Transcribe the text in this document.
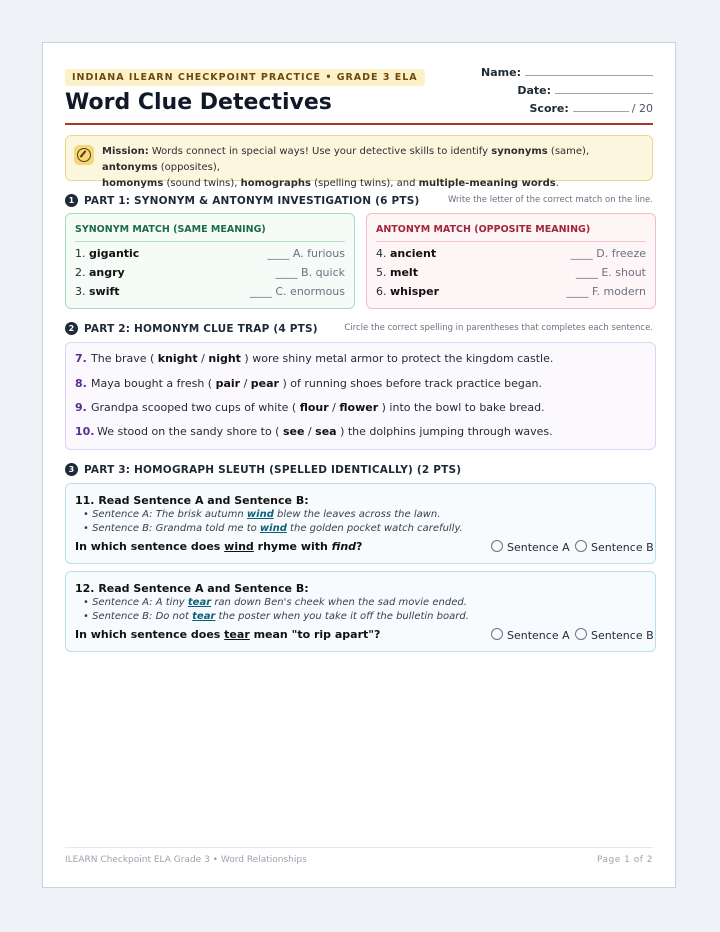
INDIANA ILEARN CHECKPOINT PRACTICE • GRADE 3 ELA
Word Clue Detectives
Name:
Date:
Score:	/ 20
Mission: Words connect in special ways! Use your detective skills to identify synonyms (same), antonyms (opposites),
homonyms (sound twins), homographs (spelling twins), and multiple-meaning words.
1 PART 1: SYNONYM & ANTONYM INVESTIGATION (6 PTS)	Write the letter of the correct match on the line.
SYNONYM MATCH (SAME MEANING)
1. gigantic	____ A. furious
2. angry	____ B. quick
3. swift	____ C. enormous
ANTONYM MATCH (OPPOSITE MEANING)
4. ancient	____ D. freeze
5. melt	____ E. shout
6. whisper	____ F. modern
2 PART 2: HOMONYM CLUE TRAP (4 PTS)	Circle the correct spelling in parentheses that completes each sentence.
7. The brave ( knight / night ) wore shiny metal armor to protect the kingdom castle.
8. Maya bought a fresh ( pair / pear ) of running shoes before track practice began.
9. Grandpa scooped two cups of white ( flour / flower ) into the bowl to bake bread.
10. We stood on the sandy shore to ( see / sea ) the dolphins jumping through waves.
3 PART 3: HOMOGRAPH SLEUTH (SPELLED IDENTICALLY) (2 PTS)
11. Read Sentence A and Sentence B:
• Sentence A: The brisk autumn wind blew the leaves across the lawn.
• Sentence B: Grandma told me to wind the golden pocket watch carefully.
In which sentence does wind rhyme with find?	Sentence A	Sentence B
12. Read Sentence A and Sentence B:
• Sentence A: A tiny tear ran down Ben's cheek when the sad movie ended.
• Sentence B: Do not tear the poster when you take it off the bulletin board.
In which sentence does tear mean "to rip apart"?	Sentence A	Sentence B
ILEARN Checkpoint ELA Grade 3 • Word Relationships	Page 1 of 2
